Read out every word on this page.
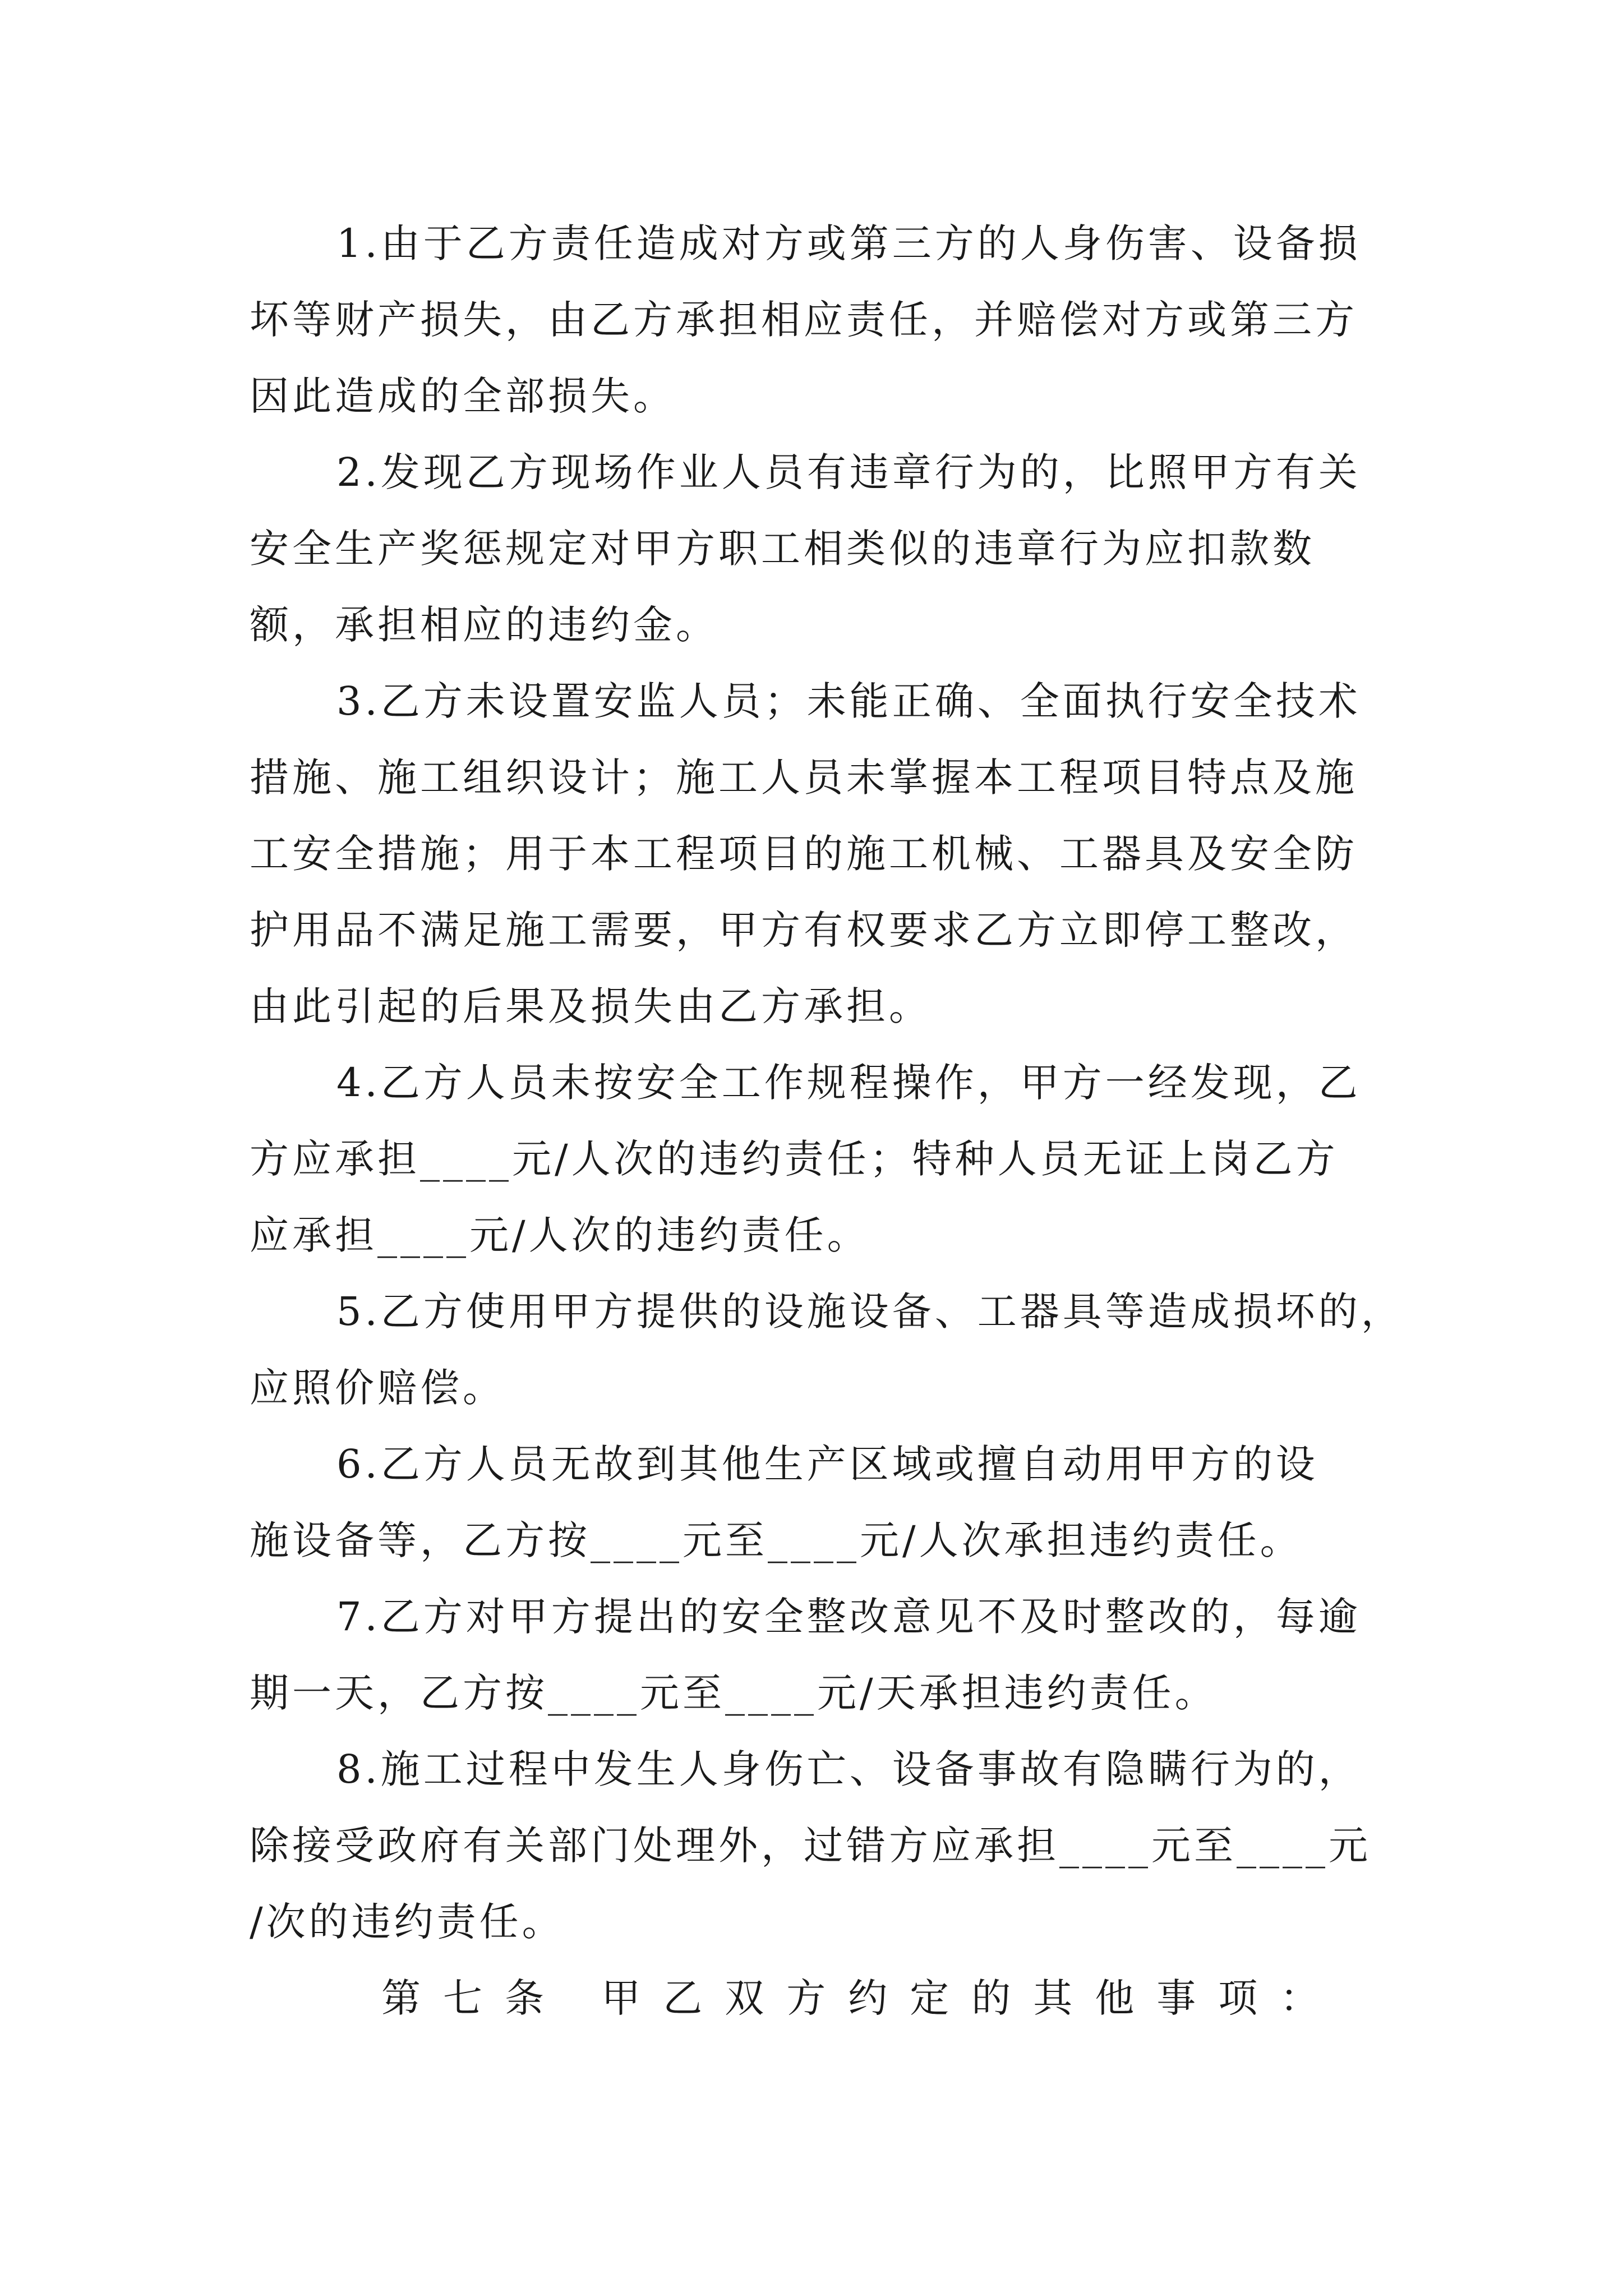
1.由于乙方责任造成对方或第三方的人身伤害、设备损
坏等财产损失，由乙方承担相应责任，并赔偿对方或第三方
因此造成的全部损失。
2.发现乙方现场作业人员有违章行为的，比照甲方有关
安全生产奖惩规定对甲方职工相类似的违章行为应扣款数
额，承担相应的违约金。
3.乙方未设置安监人员；未能正确、全面执行安全技术
措施、施工组织设计；施工人员未掌握本工程项目特点及施
工安全措施；用于本工程项目的施工机械、工器具及安全防
护用品不满足施工需要，甲方有权要求乙方立即停工整改，
由此引起的后果及损失由乙方承担。
4.乙方人员未按安全工作规程操作，甲方一经发现，乙
方应承担____元/人次的违约责任；特种人员无证上岗乙方
应承担____元/人次的违约责任。
5.乙方使用甲方提供的设施设备、工器具等造成损坏的，
应照价赔偿。
6.乙方人员无故到其他生产区域或擅自动用甲方的设
施设备等，乙方按____元至____元/人次承担违约责任。
7.乙方对甲方提出的安全整改意见不及时整改的，每逾
期一天，乙方按____元至____元/天承担违约责任。
8.施工过程中发生人身伤亡、设备事故有隐瞒行为的，
除接受政府有关部门处理外，过错方应承担____元至____元
/次的违约责任。
第七条 甲乙双方约定的其他事项：
